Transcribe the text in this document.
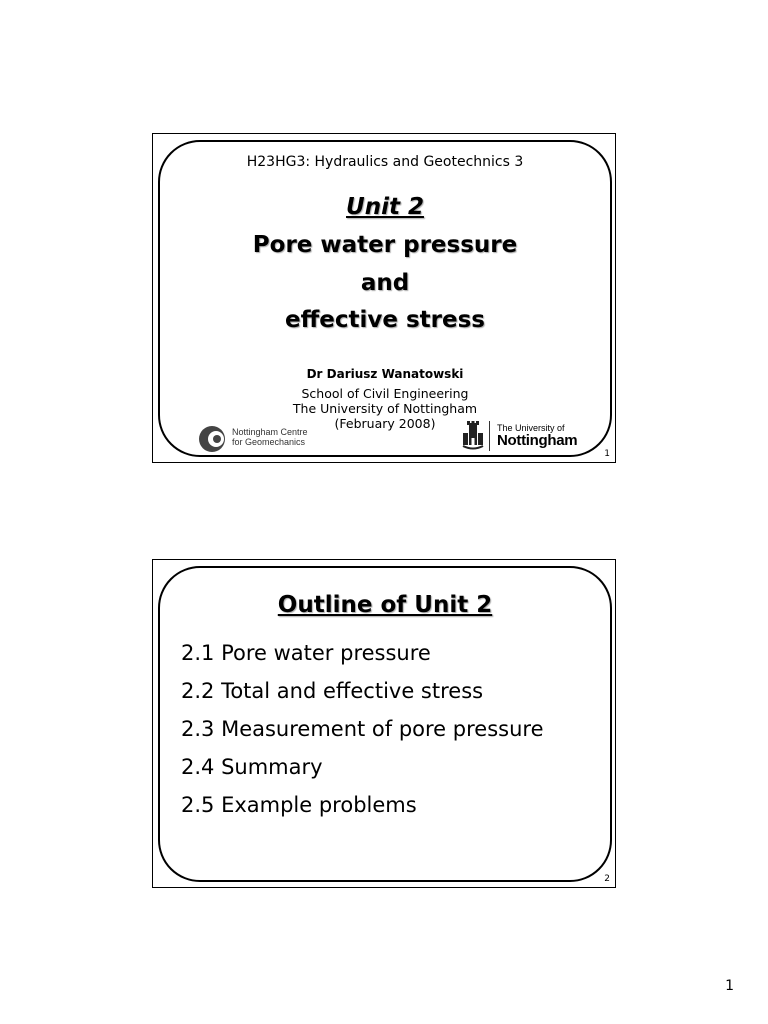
H23HG3: Hydraulics and Geotechnics 3
Unit 2
Pore water pressure
and
effective stress
Dr Dariusz Wanatowski
School of Civil Engineering
The University of Nottingham
(February 2008)
Nottingham Centre
for Geomechanics
The University of
Nottingham
1
Outline of Unit 2
2.1 Pore water pressure
2.2 Total and effective stress
2.3 Measurement of pore pressure
2.4 Summary
2.5 Example problems
2
1
